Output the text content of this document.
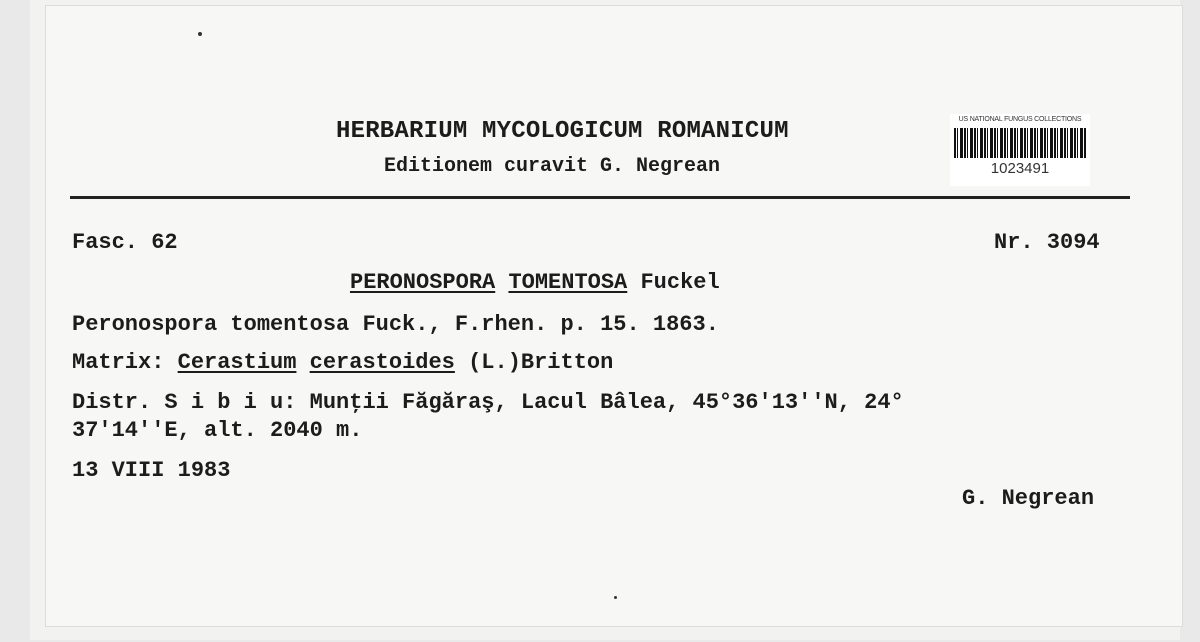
HERBARIUM MYCOLOGICUM ROMANICUM
Editionem curavit G. Negrean
US NATIONAL FUNGUS COLLECTIONS
1023491
Fasc. 62	Nr. 3094
PERONOSPORA TOMENTOSA Fuckel
Peronospora tomentosa Fuck., F.rhen. p. 15. 1863.
Matrix: Cerastium cerastoides (L.)Britton
Distr. S i b i u: Munţii Făgăraş, Lacul Bâlea, 45°36'13''N, 24°
37'14''E, alt. 2040 m.
13 VIII 1983
G. Negrean
